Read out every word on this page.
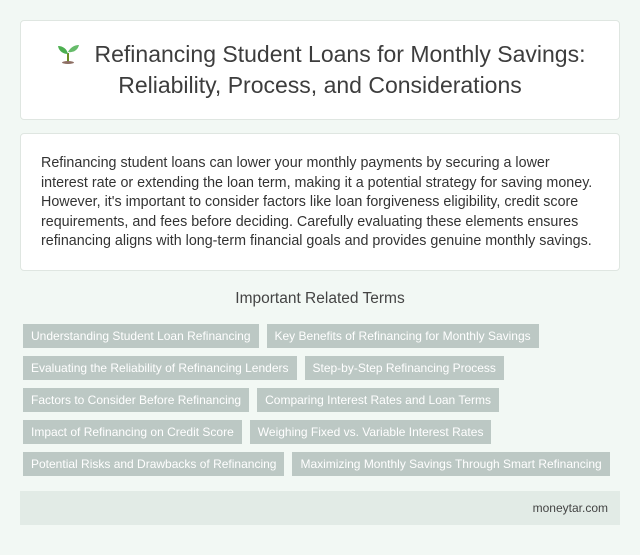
Refinancing Student Loans for Monthly Savings: Reliability, Process, and Considerations

Refinancing student loans can lower your monthly payments by securing a lower interest rate or extending the loan term, making it a potential strategy for saving money. However, it's important to consider factors like loan forgiveness eligibility, credit score requirements, and fees before deciding. Carefully evaluating these elements ensures refinancing aligns with long-term financial goals and provides genuine monthly savings.

Important Related Terms
Understanding Student Loan Refinancing	Key Benefits of Refinancing for Monthly Savings
Evaluating the Reliability of Refinancing Lenders	Step-by-Step Refinancing Process
Factors to Consider Before Refinancing	Comparing Interest Rates and Loan Terms
Impact of Refinancing on Credit Score	Weighing Fixed vs. Variable Interest Rates
Potential Risks and Drawbacks of Refinancing	Maximizing Monthly Savings Through Smart Refinancing
moneytar.com
